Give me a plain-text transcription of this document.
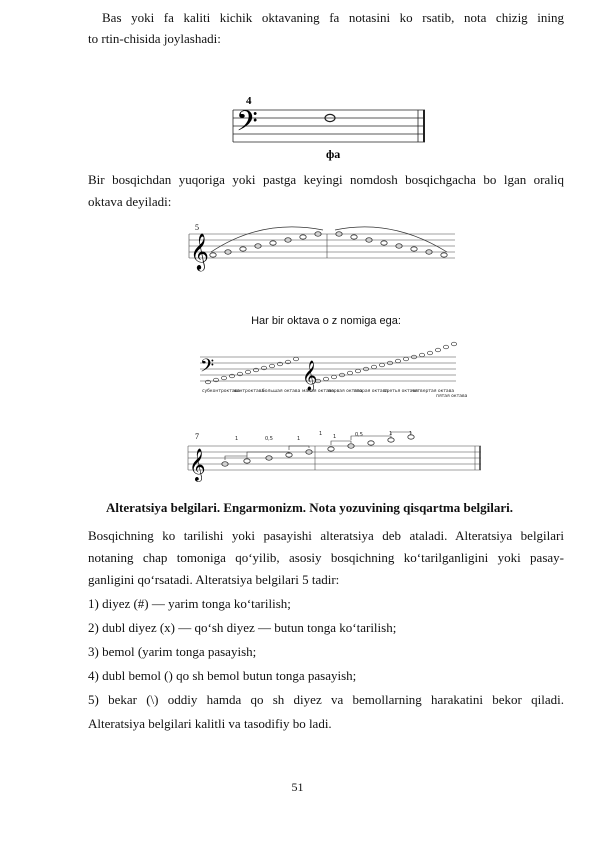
Bas yoki fa kaliti kichik oktavaning fa notasini ko rsatib, nota chizig ining
to rtin-chisida joylashadi:
4
𝄢
фа
Bir bosqichdan yuqoriga yoki pastga keyingi nomdosh bosqichgacha bo lgan oraliq
oktava deyiladi:
5
𝄞
Har bir oktava o z nomiga ega:
𝄢	𝄞
субконтроктава
контроктава
большая октава малая октава
первая октава
вторая октава
третья октава
четвертая октава
пятая октава
7
𝄞
1	0,5	1
1 1	0,5	1	1
Alteratsiya belgilari. Engarmonizm. Nota yozuvining qisqartma belgilari.
Bosqichning ko tarilishi yoki pasayishi alteratsiya deb ataladi. Alteratsiya belgilari
notaning chap tomoniga qo‘yilib, asosiy bosqichning ko‘tarilganligini yoki pasay-
ganligini qo‘rsatadi. Alteratsiya belgilari 5 tadir:
1) diyez (#) — yarim tonga ko‘tarilish;
2) dubl diyez (x) — qo‘sh diyez — butun tonga ko‘tarilish;
3) bemol (yarim tonga pasayish;
4) dubl bemol () qo sh bemol butun tonga pasayish;
5) bekar (\) oddiy hamda qo sh diyez va bemollarning harakatini bekor qiladi.
Alteratsiya belgilari kalitli va tasodifiy bo ladi.
51
